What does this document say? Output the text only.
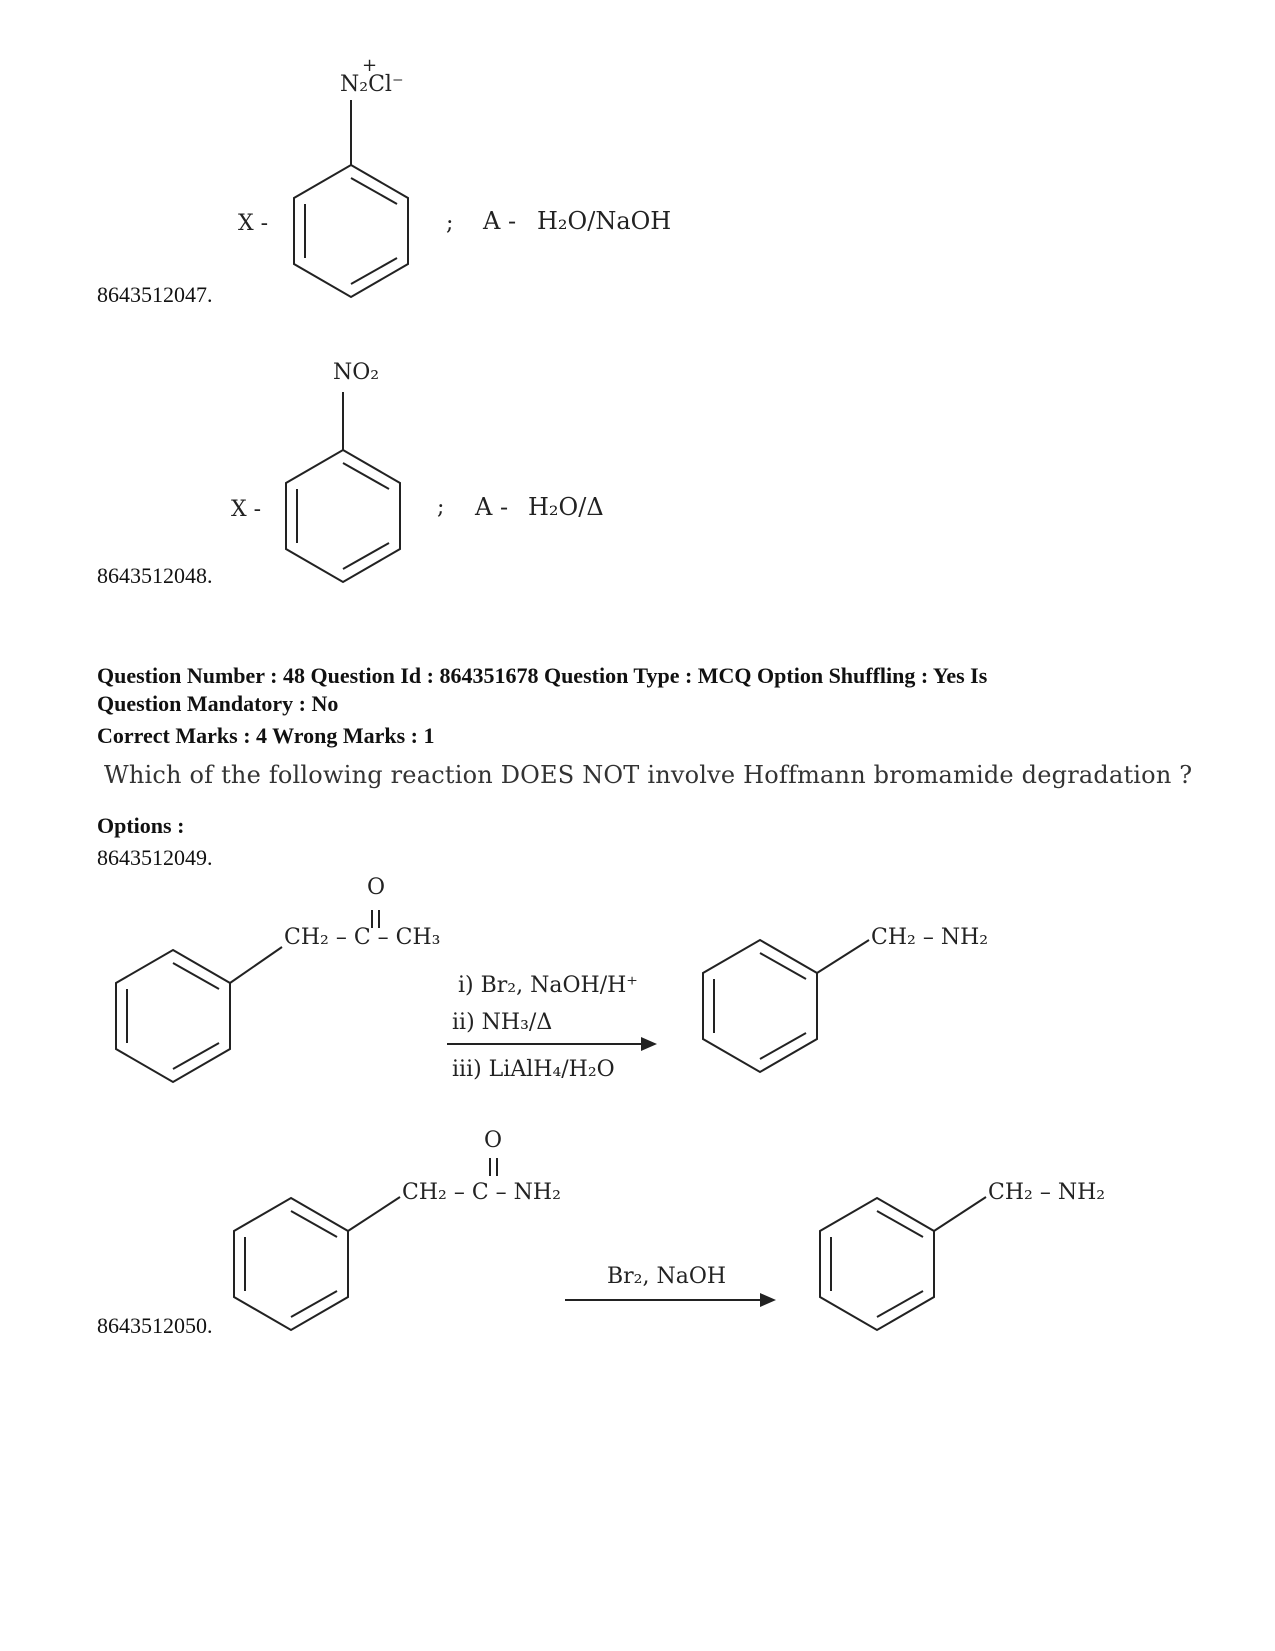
+
N₂Cl⁻
X -	; A - H₂O/NaOH
8643512047.
NO₂
X -	; A - H₂O/Δ
8643512048.
Question Number : 48 Question Id : 864351678 Question Type : MCQ Option Shuffling : Yes Is
Question Mandatory : No
Correct Marks : 4 Wrong Marks : 1
Which of the following reaction DOES NOT involve Hoffmann bromamide degradation ?
Options :
8643512049.
O
CH₂ – C – CH₃
i) Br₂, NaOH/H⁺
ii) NH₃/Δ
iii) LiAlH₄/H₂O
CH₂ – NH₂
O
CH₂ – C – NH₂
Br₂, NaOH
CH₂ – NH₂
8643512050.
